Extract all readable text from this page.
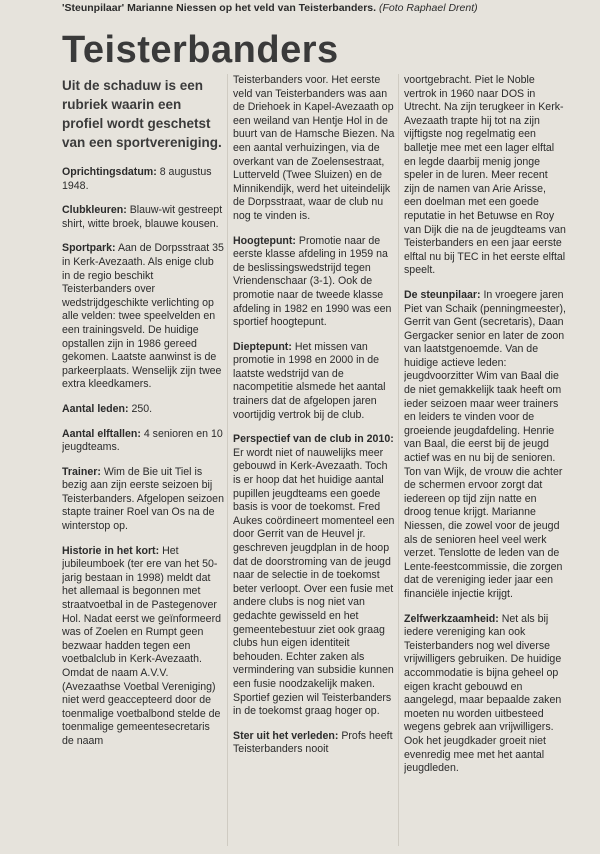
'Steunpilaar' Marianne Niessen op het veld van Teisterbanders. (Foto Raphael Drent)
Teisterbanders
Uit de schaduw is een rubriek waarin een profiel wordt geschetst van een sportvereniging.

Oprichtingsdatum: 8 augustus 1948.

Clubkleuren: Blauw-wit gestreept shirt, witte broek, blauwe kousen.

Sportpark: Aan de Dorpsstraat 35 in Kerk-Avezaath. Als enige club in de regio beschikt Teisterbanders over wedstrijdgeschikte verlichting op alle velden: twee speelvelden en een trainingsveld. De huidige opstallen zijn in 1986 gereed gekomen. Laatste aanwinst is de parkeerplaats. Wenselijk zijn twee extra kleedkamers.

Aantal leden: 250.

Aantal elftallen: 4 senioren en 10 jeugdteams.

Trainer: Wim de Bie uit Tiel is bezig aan zijn eerste seizoen bij Teisterbanders. Afgelopen seizoen stapte trainer Roel van Os na de winterstop op.

Historie in het kort: Het jubileumboek (ter ere van het 50-jarig bestaan in 1998) meldt dat het allemaal is begonnen met straatvoetbal in de Pastegenover Hol. Nadat eerst we geïnformeerd was of Zoelen en Rumpt geen bezwaar hadden tegen een voetbalclub in Kerk-Avezaath. Omdat de naam A.V.V. (Avezaathse Voetbal Vereniging) niet werd geaccepteerd door de toenmalige voetbalbond stelde de toenmalige gemeentesecretaris de naam

Teisterbanders voor. Het eerste veld van Teisterbanders was aan de Driehoek in Kapel-Avezaath op een weiland van Hentje Hol in de buurt van de Hamsche Biezen. Na een aantal verhuizingen, via de overkant van de Zoelensestraat, Lutterveld (Twee Sluizen) en de Minnikendijk, werd het uiteindelijk de Dorpsstraat, waar de club nu nog te vinden is.

Hoogtepunt: Promotie naar de eerste klasse afdeling in 1959 na de beslissingswedstrijd tegen Vriendenschaar (3-1). Ook de promotie naar de tweede klasse afdeling in 1982 en 1990 was een sportief hoogtepunt.

Dieptepunt: Het missen van promotie in 1998 en 2000 in de laatste wedstrijd van de nacompetitie alsmede het aantal trainers dat de afgelopen jaren voortijdig vertrok bij de club.

Perspectief van de club in 2010: Er wordt niet of nauwelijks meer gebouwd in Kerk-Avezaath. Toch is er hoop dat het huidige aantal pupillen jeugdteams een goede basis is voor de toekomst. Fred Aukes coördineert momenteel een door Gerrit van de Heuvel jr. geschreven jeugdplan in de hoop dat de doorstroming van de jeugd naar de selectie in de toekomst beter verloopt. Over een fusie met andere clubs is nog niet van gedachte gewisseld en het gemeentebestuur ziet ook graag clubs hun eigen identiteit behouden. Echter zaken als vermindering van subsidie kunnen een fusie noodzakelijk maken. Sportief gezien wil Teisterbanders in de toekomst graag hoger op.

Ster uit het verleden: Profs heeft Teisterbanders nooit

voortgebracht. Piet le Noble vertrok in 1960 naar DOS in Utrecht. Na zijn terugkeer in Kerk-Avezaath trapte hij tot na zijn vijftigste nog regelmatig een balletje mee met een lager elftal en legde daarbij menig jonge speler in de luren. Meer recent zijn de namen van Arie Arisse, een doelman met een goede reputatie in het Betuwse en Roy van Dijk die na de jeugdteams van Teisterbanders en een jaar eerste elftal nu bij TEC in het eerste elftal speelt.

De steunpilaar: In vroegere jaren Piet van Schaik (penningmeester), Gerrit van Gent (secretaris), Daan Gergacker senior en later de zoon van laatstgenoemde. Van de huidige actieve leden: jeugdvoorzitter Wim van Baal die de niet gemakkelijk taak heeft om ieder seizoen maar weer trainers en leiders te vinden voor de groeiende jeugdafdeling. Henrie van Baal, die eerst bij de jeugd actief was en nu bij de senioren. Ton van Wijk, de vrouw die achter de schermen ervoor zorgt dat iedereen op tijd zijn natte en droog tenue krijgt. Marianne Niessen, die zowel voor de jeugd als de senioren heel veel werk verzet. Tenslotte de leden van de Lente-feestcommissie, die zorgen dat de vereniging ieder jaar een financiële injectie krijgt.

Zelfwerkzaamheid: Net als bij iedere vereniging kan ook Teisterbanders nog wel diverse vrijwilligers gebruiken. De huidige accommodatie is bijna geheel op eigen kracht gebouwd en aangelegd, maar bepaalde zaken moeten nu worden uitbesteed wegens gebrek aan vrijwilligers. Ook het jeugdkader groeit niet evenredig mee met het aantal jeugdleden.
